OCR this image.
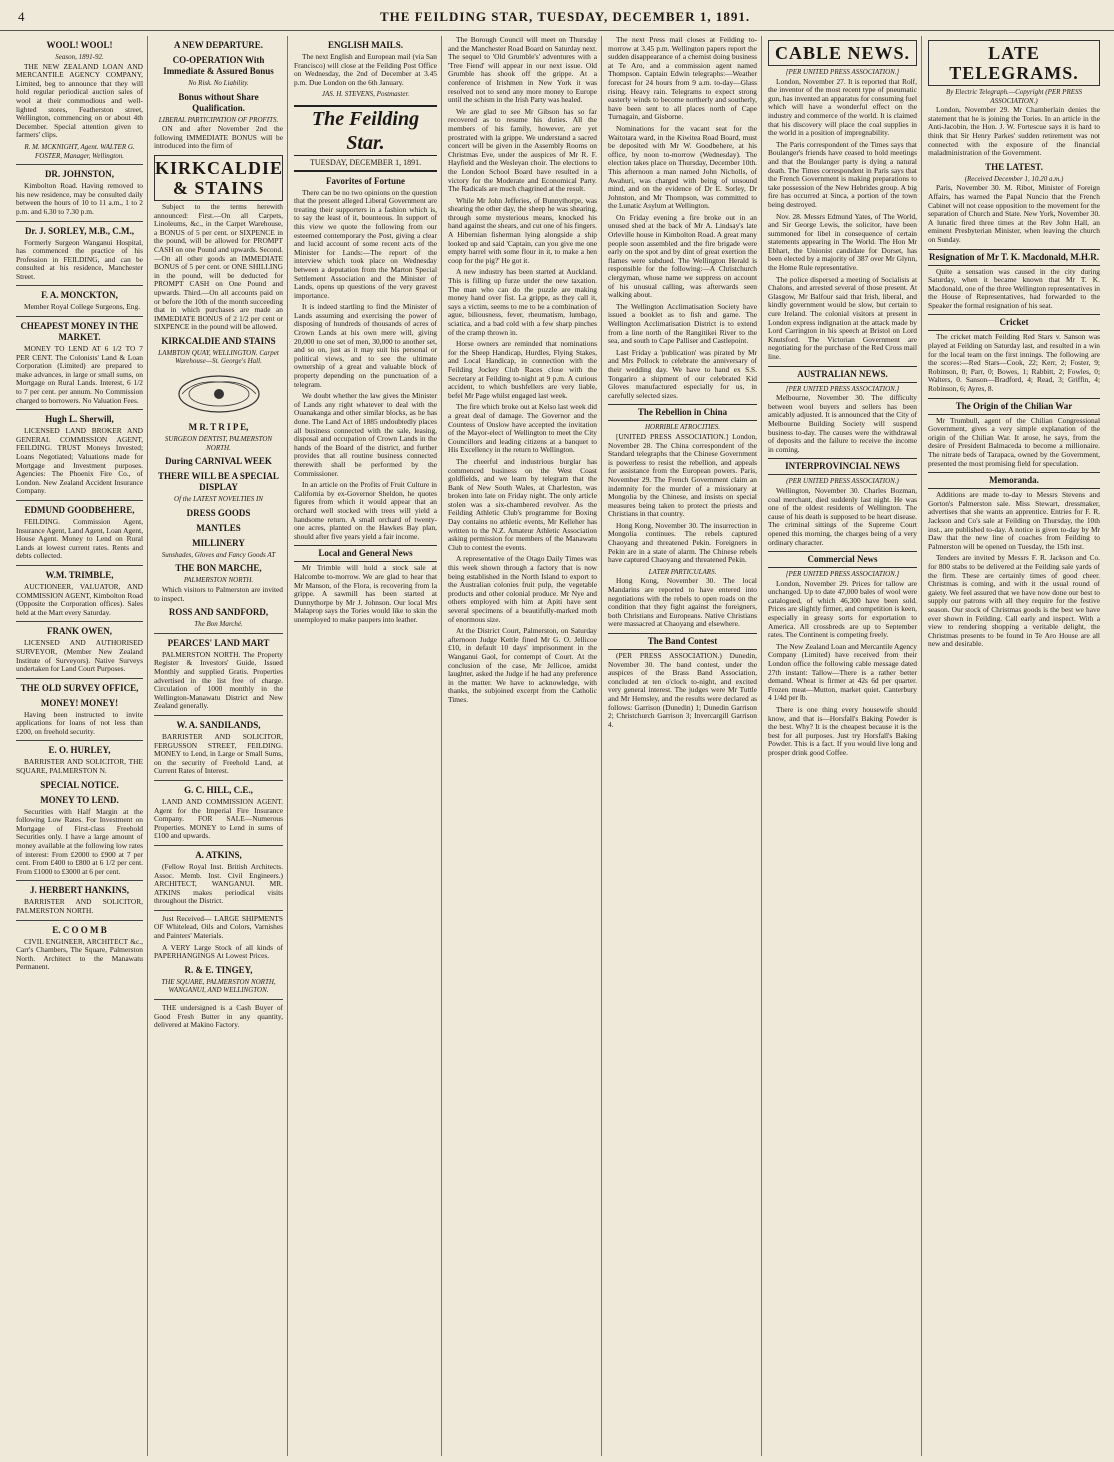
4	THE FEILDING STAR, TUESDAY, DECEMBER 1, 1891.
WOOL! WOOL!
Season, 1891-92.

THE NEW ZEALAND LOAN AND MERCANTILE AGENCY COMPANY, Limited, beg to announce that they will hold regular periodical auction sales of wool at their commodious and well-lighted stores, Featherston street, Wellington, commencing on or about 4th December. Special attention given to farmers' clips.

R. M. MCKNIGHT, Agent. WALTER G. FOSTER, Manager, Wellington.
DR. JOHNSTON,

Kimbolton Road. Having removed to his new residence, may be consulted daily between the hours of 10 to 11 a.m., 1 to 2 p.m. and 6.30 to 7.30 p.m.

Dr. J. SORLEY, M.B., C.M.,

Formerly Surgeon Wanganui Hospital, has commenced the practice of his Profession in FEILDING, and can be consulted at his residence, Manchester Street.

F. A. MONCKTON,

Member Royal College Surgeons, Eng.

CHEAPEST MONEY IN THE MARKET.

MONEY TO LEND AT 6 1/2 TO 7 PER CENT. The Colonists' Land & Loan Corporation (Limited) are prepared to make advances, in large or small sums, on Mortgage on Rural Lands. Interest, 6 1/2 to 7 per cent. per annum. No Commission charged to borrowers. No Valuation Fees.

Hugh L. Sherwill,

LICENSED LAND BROKER AND GENERAL COMMISSION AGENT, FEILDING. TRUST Moneys Invested; Loans Negotiated; Valuations made for Mortgage and Investment purposes. Agencies: The Phoenix Fire Co., of London. New Zealand Accident Insurance Company.

EDMUND GOODBEHERE,

FEILDING. Commission Agent, Insurance Agent, Land Agent, Loan Agent, House Agent. Money to Lend on Rural Lands at lowest current rates. Rents and debts collected.

W.M. TRIMBLE,

AUCTIONEER, VALUATOR, AND COMMISSION AGENT, Kimbolton Road (Opposite the Corporation offices). Sales held at the Mart every Saturday.

FRANK OWEN,

LICENSED AND AUTHORISED SURVEYOR, (Member New Zealand Institute of Surveyors). Native Surveys undertaken for Land Court Purposes.

THE OLD SURVEY OFFICE,
MONEY! MONEY!

Having been instructed to invite applications for loans of not less than £200, on freehold security.

E. O. HURLEY,

BARRISTER AND SOLICITOR, THE SQUARE, PALMERSTON N.

SPECIAL NOTICE.
MONEY TO LEND.

Securities with Half Margin at the following Low Rates. For Investment on Mortgage of First-class Freehold Securities only. I have a large amount of money available at the following low rates of interest: From £2000 to £900 at 7 per cent. From £400 to £800 at 6 1/2 per cent. From £1000 to £3000 at 6 per cent.

J. HERBERT HANKINS,

BARRISTER AND SOLICITOR, PALMERSTON NORTH.

E. C O O M B

CIVIL ENGINEER, ARCHITECT &c., Carr's Chambers, The Square, Palmerston North. Architect to the Manawatu Permanent.

A NEW DEPARTURE.
CO-OPERATION With Immediate & Assured Bonus
No Risk. No Liability.
Bonus without Share Qualification.
LIBERAL PARTICIPATION OF PROFITS.

ON and after November 2nd the following IMMEDIATE BONUS will be introduced into the firm of

KIRKCALDIE & STAINS

Subject to the terms herewith announced: First.—On all Carpets, Linoleums, &c., in the Carpet Warehouse, a BONUS of 5 per cent. or SIXPENCE in the pound, will be allowed for PROMPT CASH on one Pound and upwards. Second.—On all other goods an IMMEDIATE BONUS of 5 per cent. or ONE SHILLING in the pound, will be deducted for PROMPT CASH on One Pound and upwards. Third.—On all accounts paid on or before the 10th of the month succeeding that in which purchases are made an IMMEDIATE BONUS of 2 1/2 per cent or SIXPENCE in the pound will be allowed.

KIRKCALDIE AND STAINS
LAMBTON QUAY, WELLINGTON. Carpet Warehouse—St. George's Hall.
M R. T R I P E,
SURGEON DENTIST, PALMERSTON NORTH.
During CARNIVAL WEEK
THERE WILL BE A SPECIAL DISPLAY
Of the LATEST NOVELTIES IN
DRESS GOODS
MANTLES
MILLINERY
Sunshades, Gloves and Fancy Goods AT
THE BON MARCHE,
PALMERSTON NORTH.

Which visitors to Palmerston are invited to inspect.

ROSS AND SANDFORD,
The Bon Marché.
PEARCES' LAND MART

PALMERSTON NORTH. The Property Register & Investors' Guide, Issued Monthly and supplied Gratis. Properties advertised in the list free of charge. Circulation of 1000 monthly in the Wellington-Manawatu District and New Zealand generally.

W. A. SANDILANDS,

BARRISTER AND SOLICITOR, FERGUSSON STREET, FEILDING. MONEY to Lend, in Large or Small Sums, on the security of Freehold Land, at Current Rates of Interest.

G. C. HILL, C.E.,

LAND AND COMMISSION AGENT. Agent for the Imperial Fire Insurance Company. FOR SALE—Numerous Properties. MONEY to Lend in sums of £100 and upwards.

A. ATKINS,

(Fellow Royal Inst. British Architects. Assoc. Memb. Inst. Civil Engineers.) ARCHITECT, WANGANUI. MR. ATKINS makes periodical visits throughout the District.

Just Received— LARGE SHIPMENTS OF Whitelead, Oils and Colors, Varnishes and Painters' Materials.

A VERY Large Stock of all kinds of PAPERHANGINGS At Lowest Prices.

R. & E. TINGEY,
THE SQUARE, PALMERSTON NORTH, WANGANUI, AND WELLINGTON.

THE undersigned is a Cash Buyer of Good Fresh Butter in any quantity, delivered at Makino Factory.

ENGLISH MAILS.

The next English and European mail (via San Francisco) will close at the Feilding Post Office on Wednesday, the 2nd of December at 3.45 p.m. Due London on the 6th January.

JAS. H. STEVENS, Postmaster.
The Feilding Star.
TUESDAY, DECEMBER 1, 1891.
Favorites of Fortune

There can be no two opinions on the question that the present alleged Liberal Government are treating their supporters in a fashion which is, to say the least of it, bounteous. In support of this view we quote the following from our esteemed contemporary the Post, giving a clear and lucid account of some recent acts of the Minister for Lands:—The report of the interview which took place on Wednesday between a deputation from the Marton Special Settlement Association and the Minister of Lands, opens up questions of the very gravest importance.

It is indeed startling to find the Minister of Lands assuming and exercising the power of disposing of hundreds of thousands of acres of Crown Lands at his own mere will, giving 20,000 to one set of men, 30,000 to another set, and so on, just as it may suit his personal or political views, and to see the ultimate ownership of a great and valuable block of property depending on the punctuation of a telegram.

We doubt whether the law gives the Minister of Lands any right whatever to deal with the Ouanakanga and other similar blocks, as he has done. The Land Act of 1885 undoubtedly places all business connected with the sale, leasing, disposal and occupation of Crown Lands in the hands of the Board of the district, and further provides that all routine business connected therewith shall be performed by the Commissioner.

In an article on the Profits of Fruit Culture in California by ex-Governor Sheldon, he quotes figures from which it would appear that an orchard well stocked with trees will yield a handsome return. A small orchard of twenty-one acres, planted on the Hawkes Bay plan, should after five years yield a fair income.

Local and General News

Mr Trimble will hold a stock sale at Halcombe to-morrow. We are glad to hear that Mr Manson, of the Flora, is recovering from la grippe. A sawmill has been started at Dunnythorpe by Mr J. Johnson. Our local Mrs Malaprop says the Tories would like to skin the unemployed to make paupers into leather.

The Borough Council will meet on Thursday and the Manchester Road Board on Saturday next. The sequel to 'Old Grumble's' adventures with a 'Tree Fiend' will appear in our next issue. Old Grumble has shook off the grippe. At a conference of Irishmen in New York it was resolved not to send any more money to Europe until the schism in the Irish Party was healed.

We are glad to see Mr Gibson has so far recovered as to resume his duties. All the members of his family, however, are yet prostrated with la grippe. We understand a sacred concert will be given in the Assembly Rooms on Christmas Eve, under the auspices of Mr R. F. Hayfield and the Wesleyan choir. The elections to the London School Board have resulted in a victory for the Moderate and Economical Party. The Radicals are much chagrined at the result.

While Mr John Jefferies, of Bunnythorpe, was shearing the other day, the sheep he was shearing, through some mysterious means, knocked his hand against the shears, and cut one of his fingers. A Hibernian fisherman lying alongside a ship looked up and said 'Captain, can you give me one empty barrel with some flour in it, to make a hen coop for the pig?' He got it.

A new industry has been started at Auckland. This is filling up furze under the new taxation. The man who can do the puzzle are making money hand over fist. La grippe, as they call it, says a victim, seems to me to be a combination of ague, biliousness, fever, rheumatism, lumbago, sciatica, and a bad cold with a few sharp pinches of the cramp thrown in.

Horse owners are reminded that nominations for the Sheep Handicap, Hurdles, Flying Stakes, and Local Handicap, in connection with the Feilding Jockey Club Races close with the Secretary at Feilding to-night at 9 p.m. A curious accident, to which bushfellers are very liable, befel Mr Page whilst engaged last week.

The fire which broke out at Kelso last week did a great deal of damage. The Governor and the Countess of Onslow have accepted the invitation of the Mayor-elect of Wellington to meet the City Councillors and leading citizens at a banquet to His Excellency in the return to Wellington.

The cheerful and industrious burglar has commenced business on the West Coast goldfields, and we learn by telegram that the Bank of New South Wales, at Charleston, was broken into late on Friday night. The only article stolen was a six-chambered revolver. As the Feilding Athletic Club's programme for Boxing Day contains no athletic events, Mr Kelleher has written to the N.Z. Amateur Athletic Association asking permission for members of the Manawatu Club to contest the events.

A representative of the Otago Daily Times was this week shown through a factory that is now being established in the North Island to export to the Australian colonies fruit pulp, the vegetable products and other colonial produce. Mr Nye and others employed with him at Apiti have sent several specimens of a beautifully-marked moth of enormous size.

At the District Court, Palmerston, on Saturday afternoon Judge Kettle fined Mr G. O. Jellicoe £10, in default 10 days' imprisonment in the Wanganui Gaol, for contempt of Court. At the conclusion of the case, Mr Jellicoe, amidst laughter, asked the Judge if he had any preference in the matter. We have to acknowledge, with thanks, the subjoined excerpt from the Catholic Times.

The next Press mail closes at Feilding to-morrow at 3.45 p.m. Wellington papers report the sudden disappearance of a chemist doing business at Te Aro, and a commission agent named Thompson. Captain Edwin telegraphs:—Weather forecast for 24 hours from 9 a.m. to-day—Glass rising. Heavy rain. Telegrams to expect strong easterly winds to become northerly and southerly, have been sent to all places north of Cape Turnagain, and Gisborne.

Nominations for the vacant seat for the Waitotara ward, in the Kiwitea Road Board, must be deposited with Mr W. Goodbehere, at his office, by noon to-morrow (Wednesday). The election takes place on Thursday, December 10th. This afternoon a man named John Nicholls, of Awahuri, was charged with being of unsound mind, and on the evidence of Dr E. Sorley, Dr Johnston, and Mr Thompson, was committed to the Lunatic Asylum at Wellington.

On Friday evening a fire broke out in an unused shed at the back of Mr A. Lindsay's late Orleville house in Kimbolton Road. A great many people soon assembled and the fire brigade were early on the spot and by dint of great exertion the flames were subdued. The Wellington Herald is responsible for the following:—A Christchurch clergyman, whose name we suppress on account of his unusual calling, was afterwards seen walking about.

The Wellington Acclimatisation Society have issued a booklet as to fish and game. The Wellington Acclimatisation District is to extend from a line north of the Rangitikei River to the sea, and south to Cape Palliser and Castlepoint.

Last Friday a 'publication' was pirated by Mr and Mrs Pollock to celebrate the anniversary of their wedding day. We have to hand ex S.S. Tongariro a shipment of our celebrated Kid Gloves manufactured especially for us, in carefully selected sizes.

The Rebellion in China
HORRIBLE ATROCITIES.

[UNITED PRESS ASSOCIATION.] London, November 28. The China correspondent of the Standard telegraphs that the Chinese Government is powerless to resist the rebellion, and appeals for assistance from the European powers. Paris, November 29. The French Government claim an indemnity for the murder of a missionary at Mongolia by the Chinese, and insists on special measures being taken to protect the priests and Christians in that country.

Hong Kong, November 30. The insurrection in Mongolia continues. The rebels captured Chaoyang and threatened Pekin. Foreigners in Pekin are in a state of alarm. The Chinese rebels have captured Chaoyang and threatened Pekin.

LATER PARTICULARS.

Hong Kong, November 30. The local Mandarins are reported to have entered into negotiations with the rebels to open roads on the condition that they fight against the foreigners, both Christians and Europeans. Native Christians were massacred at Chaoyang and elsewhere.

The Band Contest

(PER PRESS ASSOCIATION.) Dunedin, November 30. The band contest, under the auspices of the Brass Band Association, concluded at ten o'clock to-night, and excited very general interest. The judges were Mr Tuttle and Mr Hemsley, and the results were declared as follows: Garrison (Dunedin) 1; Dunedin Garrison 2; Christchurch Garrison 3; Invercargill Garrison 4.

CABLE NEWS.
[PER UNITED PRESS ASSOCIATION.]

London, November 27. It is reported that Rolf, the inventor of the most recent type of pneumatic gun, has invented an apparatus for consuming fuel which will have a wonderful effect on the industry and commerce of the world. It is claimed that his discovery will place the coal supplies in the world in a position of impregnability.

The Paris correspondent of the Times says that Boulanger's friends have ceased to hold meetings and that the Boulanger party is dying a natural death. The Times correspondent in Paris says that the French Government is making preparations to take possession of the New Hebrides group. A big fire has occurred at Sinca, a portion of the town being destroyed.

Nov. 28. Messrs Edmund Yates, of The World, and Sir George Lewis, the solicitor, have been summoned for libel in consequence of certain statements appearing in The World. The Hon Mr Ebhart, the Unionist candidate for Dorset, has been elected by a majority of 387 over Mr Glynn, the Home Rule representative.

The police dispersed a meeting of Socialists at Chalons, and arrested several of those present. At Glasgow, Mr Balfour said that Irish, liberal, and kindly government would be slow, but certain to cure Ireland. The colonial visitors at present in London express indignation at the attack made by Lord Carrington in his speech at Bristol on Lord Knutsford. The Victorian Government are negotiating for the purchase of the Red Cross mail line.

AUSTRALIAN NEWS.
[PER UNITED PRESS ASSOCIATION.]

Melbourne, November 30. The difficulty between wool buyers and sellers has been amicably adjusted. It is announced that the City of Melbourne Building Society will suspend business to-day. The causes were the withdrawal of deposits and the failure to receive the income in coming.

INTERPROVINCIAL NEWS
(PER UNITED PRESS ASSOCIATION.)

Wellington, November 30. Charles Bozman, coal merchant, died suddenly last night. He was one of the oldest residents of Wellington. The cause of his death is supposed to be heart disease. The criminal sittings of the Supreme Court opened this morning, the charges being of a very ordinary character.

Commercial News
[PER UNITED PRESS ASSOCIATION.]

London, November 29. Prices for tallow are unchanged. Up to date 47,000 bales of wool were catalogued, of which 46,300 have been sold. Prices are slightly firmer, and competition is keen, especially in greasy sorts for exportation to America. All crossbreds are up to September rates. The Continent is competing freely.

The New Zealand Loan and Mercantile Agency Company (Limited) have received from their London office the following cable message dated 27th instant: Tallow—There is a rather better demand. Wheat is firmer at 42s 6d per quarter. Frozen meat—Mutton, market quiet. Canterbury 4 1/4d per lb.

There is one thing every housewife should know, and that is—Horsfall's Baking Powder is the best. Why? It is the cheapest because it is the best for all purposes. Just try Horsfall's Baking Powder. This is a fact. If you would live long and prosper drink good Coffee.

LATE TELEGRAMS.
By Electric Telegraph.—Copyright (PER PRESS ASSOCIATION.)

London, November 29. Mr Chamberlain denies the statement that he is joining the Tories. In an article in the Anti-Jacobin, the Hon. J. W. Fortescue says it is hard to think that Sir Henry Parkes' sudden retirement was not connected with the exposure of the financial maladministration of the Government.

THE LATEST.
(Received December 1, 10.20 a.m.)

Paris, November 30. M. Ribot, Minister of Foreign Affairs, has warned the Papal Nuncio that the French Cabinet will not cease opposition to the movement for the separation of Church and State. New York, November 30. A lunatic fired three times at the Rev John Hall, an eminent Presbyterian Minister, when leaving the church on Sunday.

Resignation of Mr T. K. Macdonald, M.H.R.

Quite a sensation was caused in the city during Saturday, when it became known that Mr T. K. Macdonald, one of the three Wellington representatives in the House of Representatives, had forwarded to the Speaker the formal resignation of his seat.

Cricket

The cricket match Feilding Red Stars v. Sanson was played at Feilding on Saturday last, and resulted in a win for the local team on the first innings. The following are the scores:—Red Stars—Cook, 22; Kerr, 2; Foster, 9; Robinson, 0; Parr, 0; Bowes, 1; Rabbitt, 2; Fowles, 0; Walters, 0. Sanson—Bradford, 4; Read, 3; Griffin, 4; Robinson, 6; Ayres, 8.

The Origin of the Chilian War

Mr Trumbull, agent of the Chilian Congressional Government, gives a very simple explanation of the origin of the Chilian War. It arose, he says, from the desire of President Balmaceda to become a millionaire. The nitrate beds of Tarapaca, owned by the Government, presented the most promising field for speculation.

Memoranda.

Additions are made to-day to Messrs Stevens and Gorton's Palmerston sale. Miss Stewart, dressmaker, advertises that she wants an apprentice. Entries for F. R. Jackson and Co's sale at Feilding on Thursday, the 10th inst., are published to-day. A notice is given to-day by Mr Daw that the new line of coaches from Feilding to Palmerston will be opened on Tuesday, the 15th inst.

Tenders are invited by Messrs F. R. Jackson and Co. for 800 stabs to be delivered at the Feilding sale yards of the firm. These are certainly times of good cheer. Christmas is coming, and with it the usual round of gaiety. We feel assured that we have now done our best to supply our patrons with all they require for the festive season. Our stock of Christmas goods is the best we have ever shown in Feilding. Call early and inspect. With a view to rendering shopping a veritable delight, the Christmas presents to be found in Te Aro House are all new and desirable.
